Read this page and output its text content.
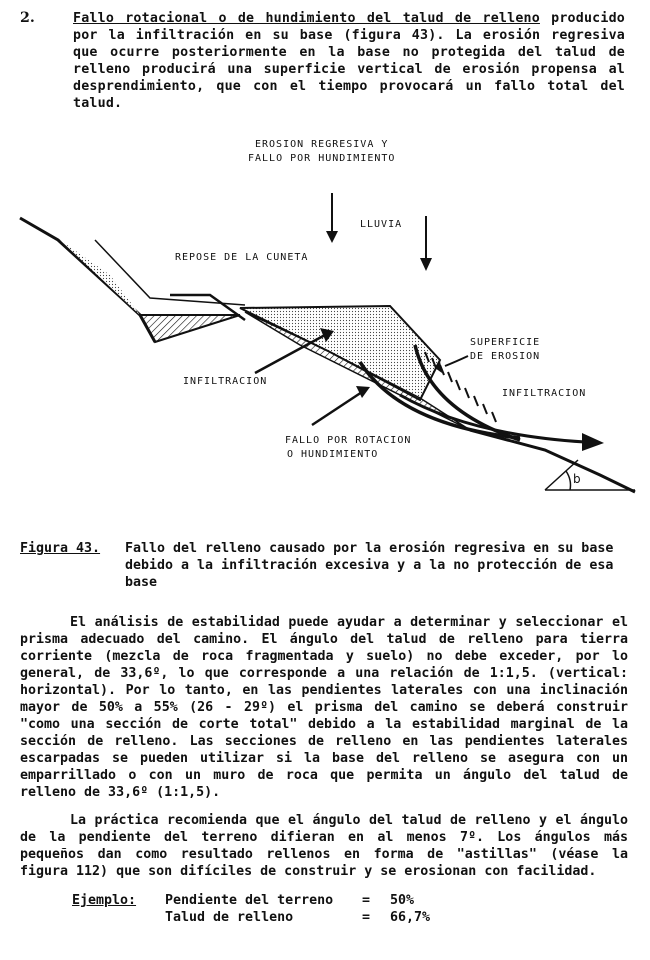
2.	Fallo rotacional o de hundimiento del talud de relleno producido por la infiltración en su base (figura 43). La erosión regresiva que ocurre posteriormente en la base no protegida del talud de relleno producirá una superficie vertical de erosión propensa al desprendimiento, que con el tiempo provocará un fallo total del talud.
EROSION REGRESIVA Y
FALLO POR HUNDIMIENTO
LLUVIA
REPOSE DE LA CUNETA
SUPERFICIE
DE EROSION
INFILTRACION
INFILTRACION
FALLO POR ROTACION
O HUNDIMIENTO
b
Figura 43. Fallo del relleno causado por la erosión regresiva en su base debido a la infiltración excesiva y a la no protección de esa base
El análisis de estabilidad puede ayudar a determinar y seleccionar el prisma adecuado del camino. El ángulo del talud de relleno para tierra corriente (mezcla de roca fragmentada y suelo) no debe exceder, por lo general, de 33,6º, lo que corresponde a una relación de 1:1,5. (vertical: horizontal). Por lo tanto, en las pendientes laterales con una inclinación mayor de 50% a 55% (26 - 29º) el prisma del camino se deberá construir "como una sección de corte total" debido a la estabilidad marginal de la sección de relleno. Las secciones de relleno en las pendientes laterales escarpadas se pueden utilizar si la base del relleno se asegura con un emparrillado o con un muro de roca que permita un ángulo del talud de relleno de 33,6º (1:1,5).
La práctica recomienda que el ángulo del talud de relleno y el ángulo de la pendiente del terreno difieran en al menos 7º. Los ángulos más pequeños dan como resultado rellenos en forma de "astillas" (véase la figura 112) que son difíciles de construir y se erosionan con facilidad.
Ejemplo: Pendiente del terreno = 50%
Talud de relleno	= 66,7%
